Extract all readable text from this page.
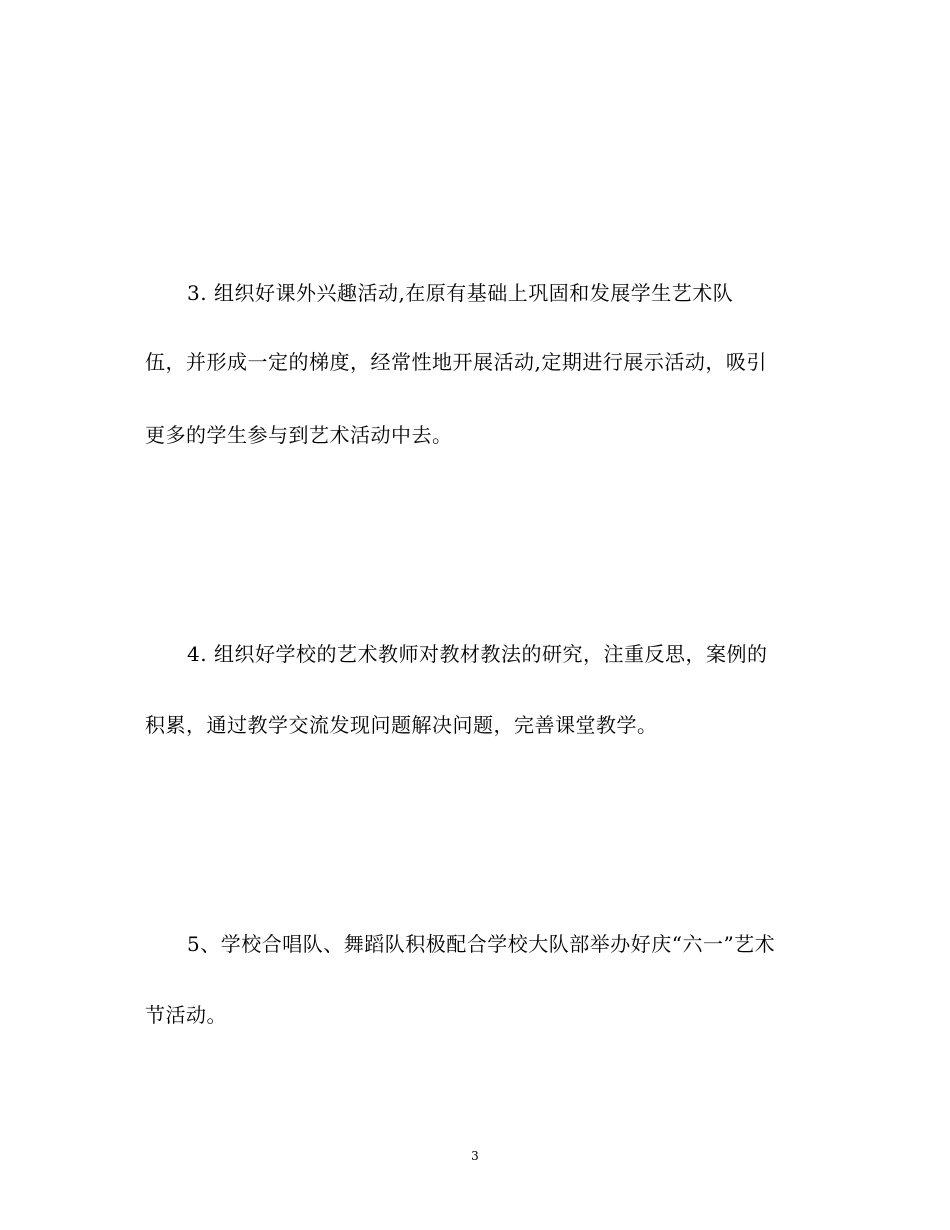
3. 组织好课外兴趣活动,在原有基础上巩固和发展学生艺术队
伍，并形成一定的梯度，经常性地开展活动,定期进行展示活动，吸引
更多的学生参与到艺术活动中去。
4. 组织好学校的艺术教师对教材教法的研究，注重反思，案例的
积累，通过教学交流发现问题解决问题，完善课堂教学。
5、学校合唱队、舞蹈队积极配合学校大队部举办好庆“六一”艺术
节活动。
3
